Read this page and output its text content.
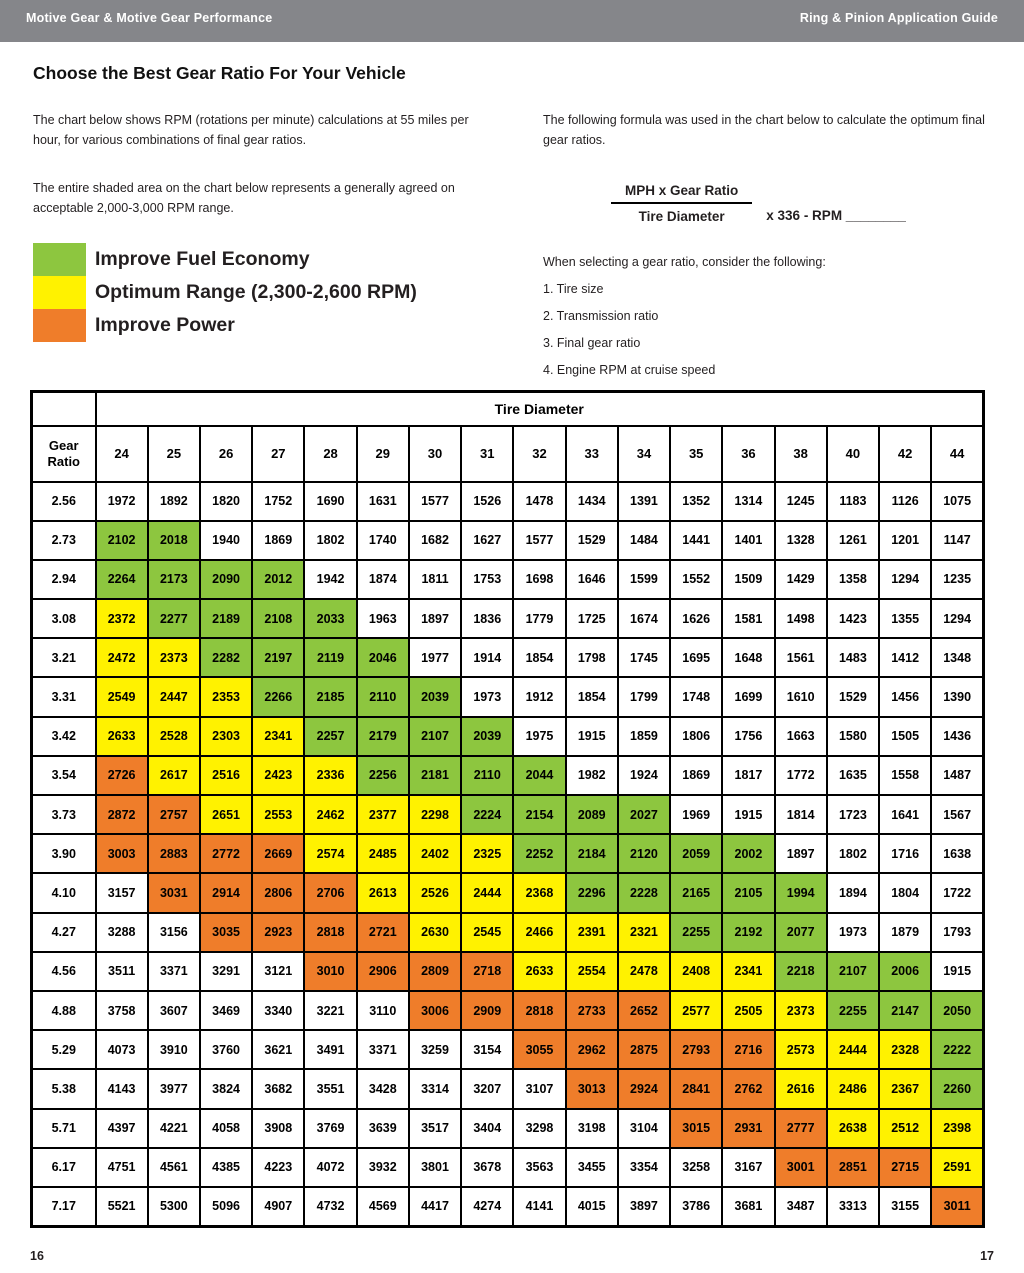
Motive Gear & Motive Gear Performance	Ring & Pinion Application Guide
Choose the Best Gear Ratio For Your Vehicle

The chart below shows RPM (rotations per minute) calculations at 55 miles per hour, for various combinations of final gear ratios.

The entire shaded area on the chart below represents a generally agreed on acceptable 2,000-3,000 RPM range.

Improve Fuel Economy
Optimum Range (2,300-2,600 RPM)
Improve Power

The following formula was used in the chart below to calculate the optimum final gear ratios.

$\frac{\text{MPH x Gear Ratio}}{\text{Tire Diameter}}$ x 336 - RPM ________
When selecting a gear ratio, consider the following:
1. Tire size
2. Transmission ratio
3. Final gear ratio
4. Engine RPM at cruise speed
	Tire Diameter																
Gear
Ratio	24	25	26	27	28	29	30	31	32	33	34	35	36	38	40	42	44
2.56	1972	1892	1820	1752	1690	1631	1577	1526	1478	1434	1391	1352	1314	1245	1183	1126	1075
2.73	2102	2018	1940	1869	1802	1740	1682	1627	1577	1529	1484	1441	1401	1328	1261	1201	1147
2.94	2264	2173	2090	2012	1942	1874	1811	1753	1698	1646	1599	1552	1509	1429	1358	1294	1235
3.08	2372	2277	2189	2108	2033	1963	1897	1836	1779	1725	1674	1626	1581	1498	1423	1355	1294
3.21	2472	2373	2282	2197	2119	2046	1977	1914	1854	1798	1745	1695	1648	1561	1483	1412	1348
3.31	2549	2447	2353	2266	2185	2110	2039	1973	1912	1854	1799	1748	1699	1610	1529	1456	1390
3.42	2633	2528	2303	2341	2257	2179	2107	2039	1975	1915	1859	1806	1756	1663	1580	1505	1436
3.54	2726	2617	2516	2423	2336	2256	2181	2110	2044	1982	1924	1869	1817	1772	1635	1558	1487
3.73	2872	2757	2651	2553	2462	2377	2298	2224	2154	2089	2027	1969	1915	1814	1723	1641	1567
3.90	3003	2883	2772	2669	2574	2485	2402	2325	2252	2184	2120	2059	2002	1897	1802	1716	1638
4.10	3157	3031	2914	2806	2706	2613	2526	2444	2368	2296	2228	2165	2105	1994	1894	1804	1722
4.27	3288	3156	3035	2923	2818	2721	2630	2545	2466	2391	2321	2255	2192	2077	1973	1879	1793
4.56	3511	3371	3291	3121	3010	2906	2809	2718	2633	2554	2478	2408	2341	2218	2107	2006	1915
4.88	3758	3607	3469	3340	3221	3110	3006	2909	2818	2733	2652	2577	2505	2373	2255	2147	2050
5.29	4073	3910	3760	3621	3491	3371	3259	3154	3055	2962	2875	2793	2716	2573	2444	2328	2222
5.38	4143	3977	3824	3682	3551	3428	3314	3207	3107	3013	2924	2841	2762	2616	2486	2367	2260
5.71	4397	4221	4058	3908	3769	3639	3517	3404	3298	3198	3104	3015	2931	2777	2638	2512	2398
6.17	4751	4561	4385	4223	4072	3932	3801	3678	3563	3455	3354	3258	3167	3001	2851	2715	2591
7.17	5521	5300	5096	4907	4732	4569	4417	4274	4141	4015	3897	3786	3681	3487	3313	3155	3011
16	17
